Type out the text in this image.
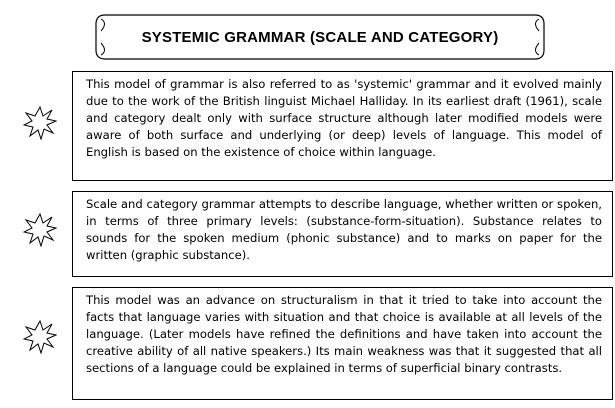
SYSTEMIC GRAMMAR (SCALE AND CATEGORY)
This model of grammar is also referred to as 'systemic' grammar and it evolved mainly due to the work of the British linguist Michael Halliday. In its earliest draft (1961), scale and category dealt only with surface structure although later modified models were aware of both surface and underlying (or deep) levels of language. This model of English is based on the existence of choice within language.
Scale and category grammar attempts to describe language, whether written or spoken, in terms of three primary levels: (substance-form-situation). Substance relates to sounds for the spoken medium (phonic substance) and to marks on paper for the written (graphic substance).
This model was an advance on structuralism in that it tried to take into account the facts that language varies with situation and that choice is available at all levels of the language. (Later models have refined the definitions and have taken into account the creative ability of all native speakers.) Its main weakness was that it suggested that all sections of a language could be explained in terms of superficial binary contrasts.
